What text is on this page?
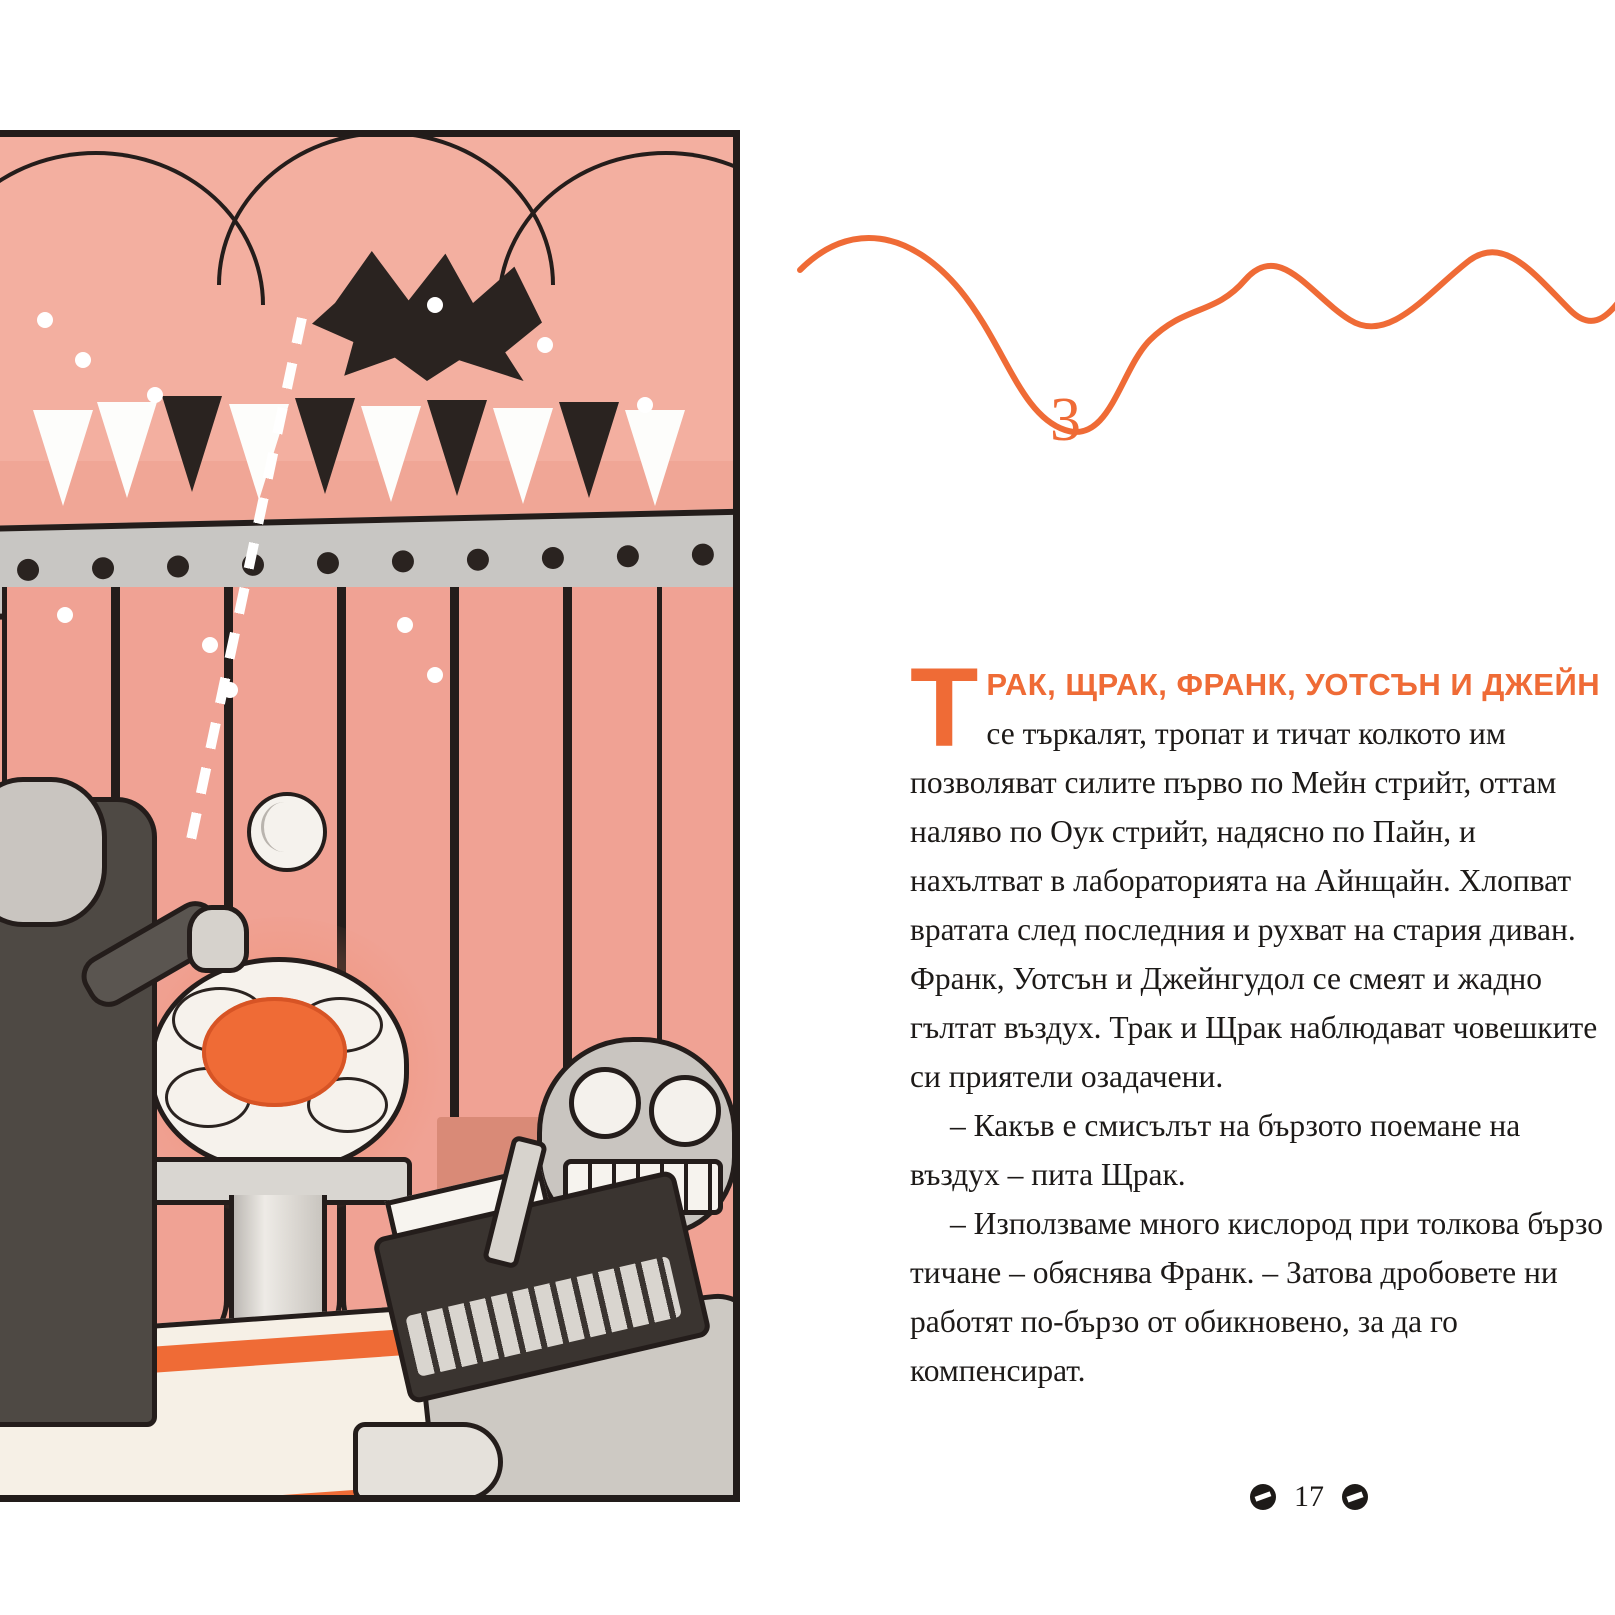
3

ТРАК, ЩРАК, ФРАНК, УОТСЪН И ДЖЕЙН се търкалят, тропат и тичат колкото им позволяват силите първо по Мейн стрийт, оттам наляво по Оук стрийт, надясно по Пайн, и нахълтват в лабораторията на Айнщайн. Хлопват вратата след последния и рухват на стария диван. Франк, Уотсън и Джейнгудол се смеят и жадно гълтат въздух. Трак и Щрак наблюдават човешките си приятели озадачени.

– Какъв е смисълът на бързото поемане на въздух – пита Щрак.

– Използваме много кислород при толкова бързо тичане – обяснява Франк. – Затова дробовете ни работят по-бързо от обикновено, за да го компенсират.

17
